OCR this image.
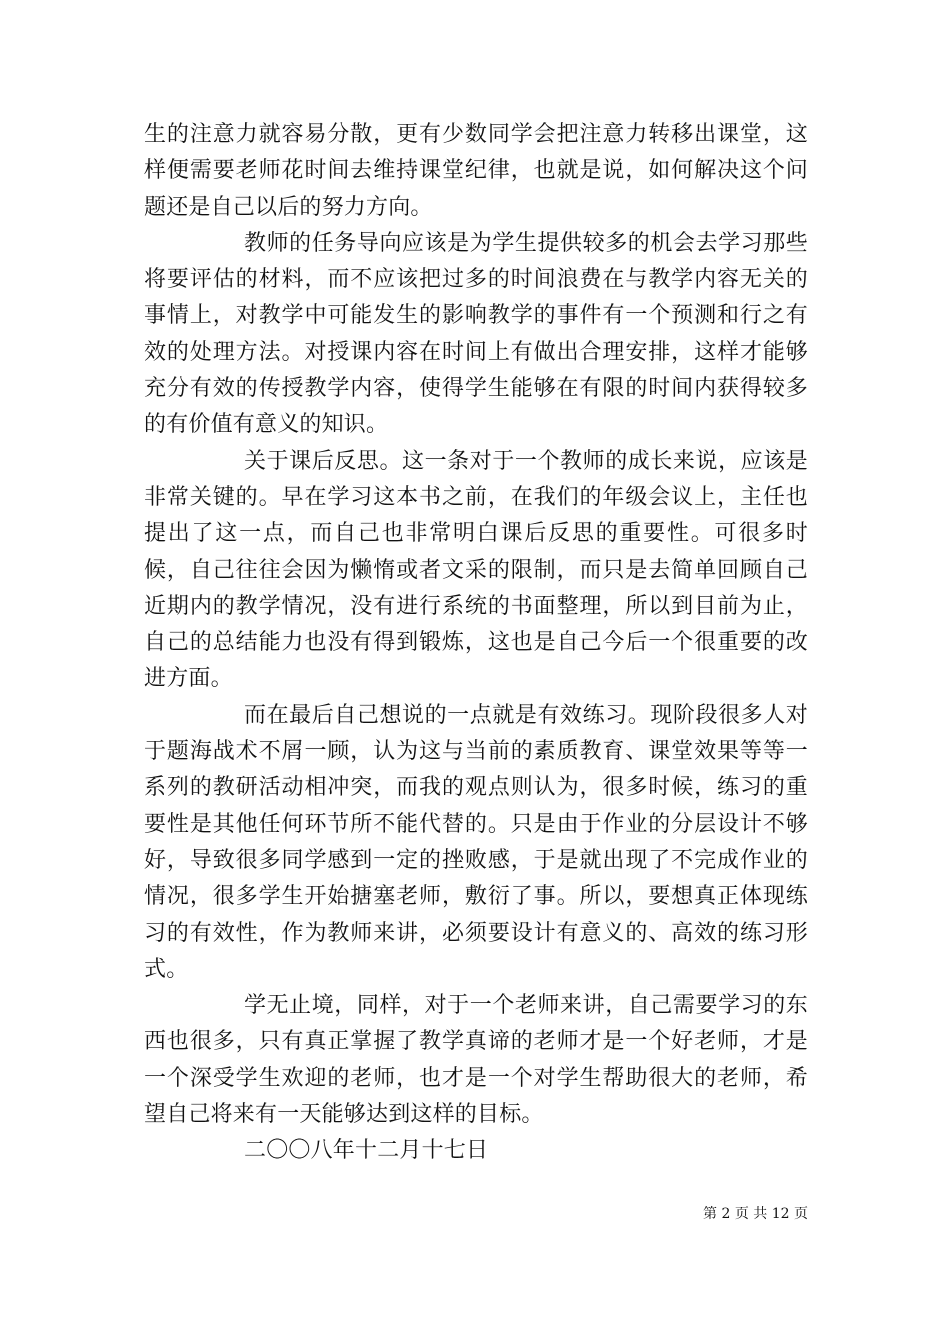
生的注意力就容易分散，更有少数同学会把注意力转移出课堂，这样便需要老师花时间去维持课堂纪律，也就是说，如何解决这个问题还是自己以后的努力方向。

教师的任务导向应该是为学生提供较多的机会去学习那些将要评估的材料，而不应该把过多的时间浪费在与教学内容无关的事情上，对教学中可能发生的影响教学的事件有一个预测和行之有效的处理方法。对授课内容在时间上有做出合理安排，这样才能够充分有效的传授教学内容，使得学生能够在有限的时间内获得较多的有价值有意义的知识。

关于课后反思。这一条对于一个教师的成长来说，应该是非常关键的。早在学习这本书之前，在我们的年级会议上，主任也提出了这一点，而自己也非常明白课后反思的重要性。可很多时候，自己往往会因为懒惰或者文采的限制，而只是去简单回顾自己近期内的教学情况，没有进行系统的书面整理，所以到目前为止，自己的总结能力也没有得到锻炼，这也是自己今后一个很重要的改进方面。

而在最后自己想说的一点就是有效练习。现阶段很多人对于题海战术不屑一顾，认为这与当前的素质教育、课堂效果等等一系列的教研活动相冲突，而我的观点则认为，很多时候，练习的重要性是其他任何环节所不能代替的。只是由于作业的分层设计不够好，导致很多同学感到一定的挫败感，于是就出现了不完成作业的情况，很多学生开始搪塞老师，敷衍了事。所以，要想真正体现练习的有效性，作为教师来讲，必须要设计有意义的、高效的练习形式。

学无止境，同样，对于一个老师来讲，自己需要学习的东西也很多，只有真正掌握了教学真谛的老师才是一个好老师，才是一个深受学生欢迎的老师，也才是一个对学生帮助很大的老师，希望自己将来有一天能够达到这样的目标。

二〇〇八年十二月十七日

第 2 页 共 12 页
